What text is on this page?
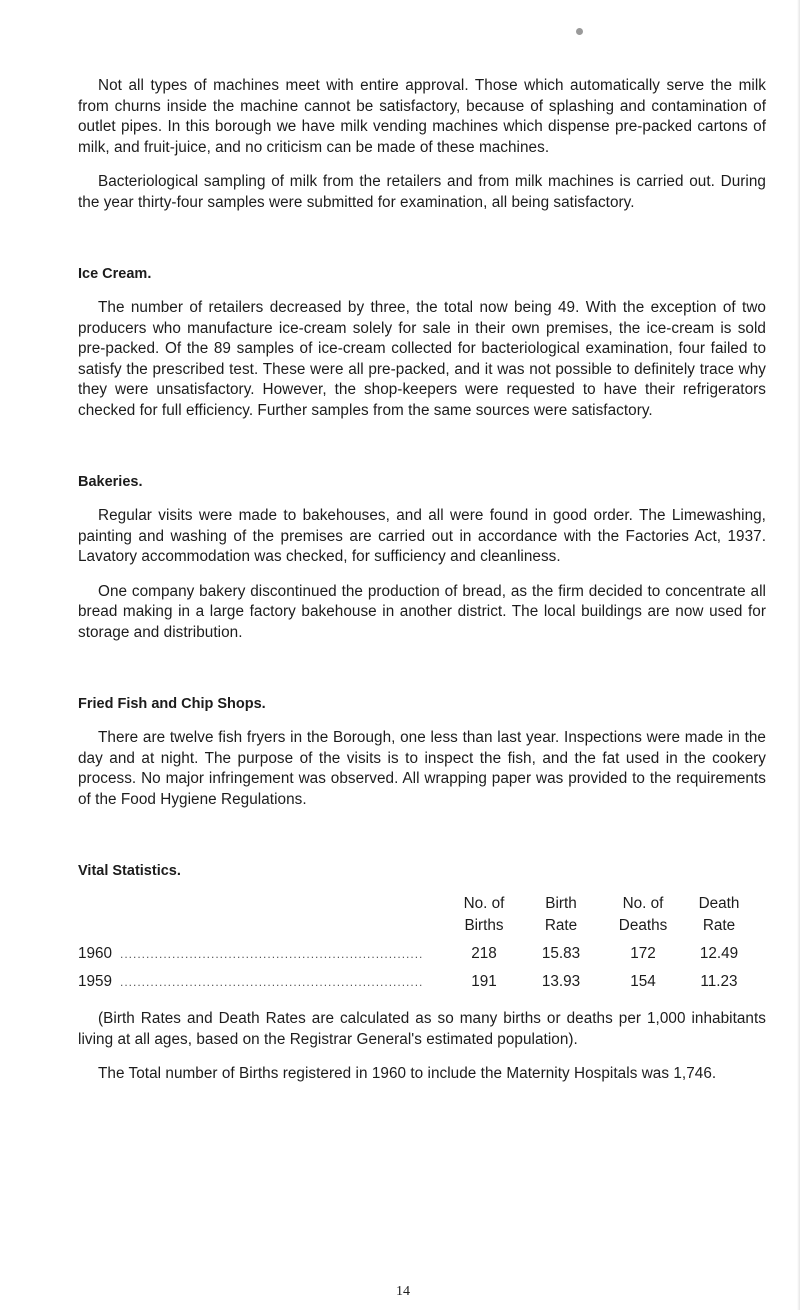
Not all types of machines meet with entire approval. Those which automatically serve the milk from churns inside the machine cannot be satisfactory, because of splashing and contamination of outlet pipes. In this borough we have milk vending machines which dispense pre-packed cartons of milk, and fruit-juice, and no criticism can be made of these machines.

Bacteriological sampling of milk from the retailers and from milk machines is carried out. During the year thirty-four samples were submitted for examination, all being satisfactory.

Ice Cream.

The number of retailers decreased by three, the total now being 49. With the exception of two producers who manufacture ice-cream solely for sale in their own premises, the ice-cream is sold pre-packed. Of the 89 samples of ice-cream collected for bacteriological examination, four failed to satisfy the prescribed test. These were all pre-packed, and it was not possible to definitely trace why they were unsatisfactory. However, the shop-keepers were requested to have their refrigerators checked for full efficiency. Further samples from the same sources were satisfactory.

Bakeries.

Regular visits were made to bakehouses, and all were found in good order. The Limewashing, painting and washing of the premises are carried out in accordance with the Factories Act, 1937. Lavatory accommodation was checked, for sufficiency and cleanliness.

One company bakery discontinued the production of bread, as the firm decided to concentrate all bread making in a large factory bakehouse in another district. The local buildings are now used for storage and distribution.

Fried Fish and Chip Shops.

There are twelve fish fryers in the Borough, one less than last year. Inspections were made in the day and at night. The purpose of the visits is to inspect the fish, and the fat used in the cookery process. No major infringement was observed. All wrapping paper was provided to the requirements of the Food Hygiene Regulations.

Vital Statistics.
	No. of	Birth	No. of	Death
	Births	Rate	Deaths	Rate

1960 ......................................................................	218	15.83	172	12.49
1959 ......................................................................	191	13.93	154	11.23

(Birth Rates and Death Rates are calculated as so many births or deaths per 1,000 inhabitants living at all ages, based on the Registrar General's estimated population).

The Total number of Births registered in 1960 to include the Maternity Hospitals was 1,746.

14
